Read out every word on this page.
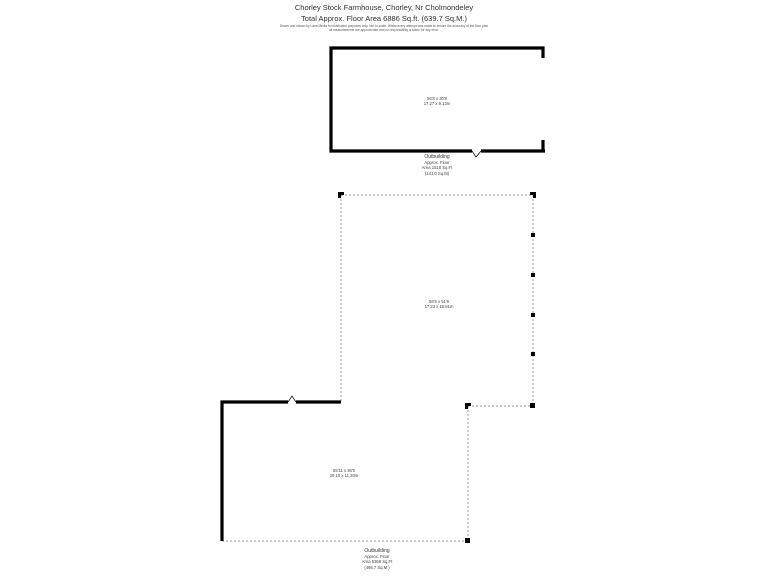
Chorley Stock Farmhouse, Chorley, Nr Cholmondeley
Total Approx. Floor Area 6886 Sq.ft. (639.7 Sq.M.)
Drawn and shown by Lane Media for illustration purposes only. Not to scale. Whilst every attempt was made to ensure the accuracy of the floor plan
all measurements are approximate and no responsibility is taken for any error.
56'8 x 30'8
17.27 x 9.13m
56'6 x 51'9
17.23 x 15.81m
65'11 x 36'9
20.10 x 11.20m
Outbuilding
Approx. Floor
Area 1518 Sq.Ft
(141.0 Sq.M)
Outbuilding
Approx. Floor
Area 5368 Sq.Ft
(498.7 Sq.M.)
